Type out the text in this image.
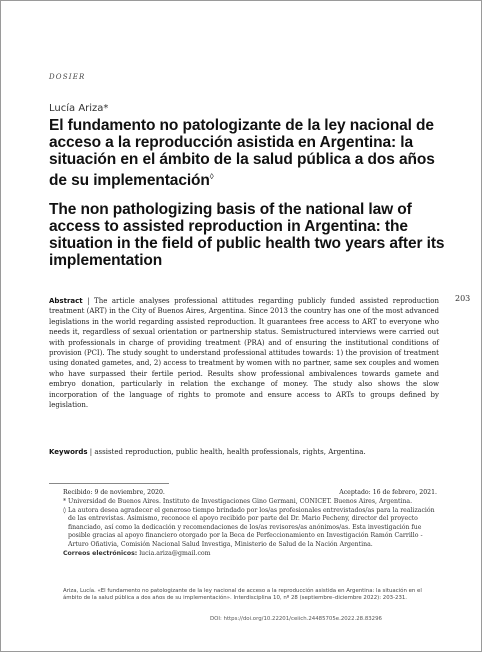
DOSIER
Lucía Ariza*
El fundamento no patologizante de la ley nacional de acceso a la reproducción asistida en Argentina: la situación en el ámbito de la salud pública a dos años de su implementación◊
The non pathologizing basis of the national law of access to assisted reproduction in Argentina: the situation in the field of public health two years after its implementation
203

Abstract | The article analyses professional attitudes regarding publicly funded assisted reproduction treatment (ART) in the City of Buenos Aires, Argentina. Since 2013 the country has one of the most advanced legislations in the world regarding assisted reproduction. It guarantees free access to ART to everyone who needs it, regardless of sexual orientation or partnership status. Semistructured interviews were carried out with professionals in charge of providing treatment (PRA) and of ensuring the institutional conditions of provision (PCI). The study sought to understand professional attitudes towards: 1) the provision of treatment using donated gametes, and, 2) access to treatment by women with no partner, same sex couples and women who have surpassed their fertile period. Results show professional ambivalences towards gamete and embryo donation, particularly in relation the exchange of money. The study also shows the slow incorporation of the language of rights to promote and ensure access to ARTs to groups defined by legislation.

Keywords | assisted reproduction, public health, health professionals, rights, Argentina.

Recibido: 9 de noviembre, 2020.	Aceptado: 16 de febrero, 2021.

* Universidad de Buenos Aires. Instituto de Investigaciones Gino Germani, CONICET. Buenos Aires, Argentina.

◊ La autora desea agradecer el generoso tiempo brindado por los/as profesionales entrevistados/as para la realización de las entrevistas. Asimismo, reconoce el apoyo recibido por parte del Dr. Mario Pecheny, director del proyecto financiado, así como la dedicación y recomendaciones de los/as revisores/as anónimos/as. Esta investigación fue posible gracias al apoyo financiero otorgado por la Beca de Perfeccionamiento en Investigación Ramón Carrillo - Arturo Oñativia, Comisión Nacional Salud Investiga, Ministerio de Salud de la Nación Argentina.

Correos electrónicos: lucia.ariza@gmail.com

Ariza, Lucía. «El fundamento no patologizante de la ley nacional de acceso a la reproducción asistida en Argentina: la situación en el ámbito de la salud pública a dos años de su implementación». Interdisciplina 10, nº 28 (septiembre–diciembre 2022): 203-231.

DOI: https://doi.org/10.22201/ceiich.24485705e.2022.28.83296
